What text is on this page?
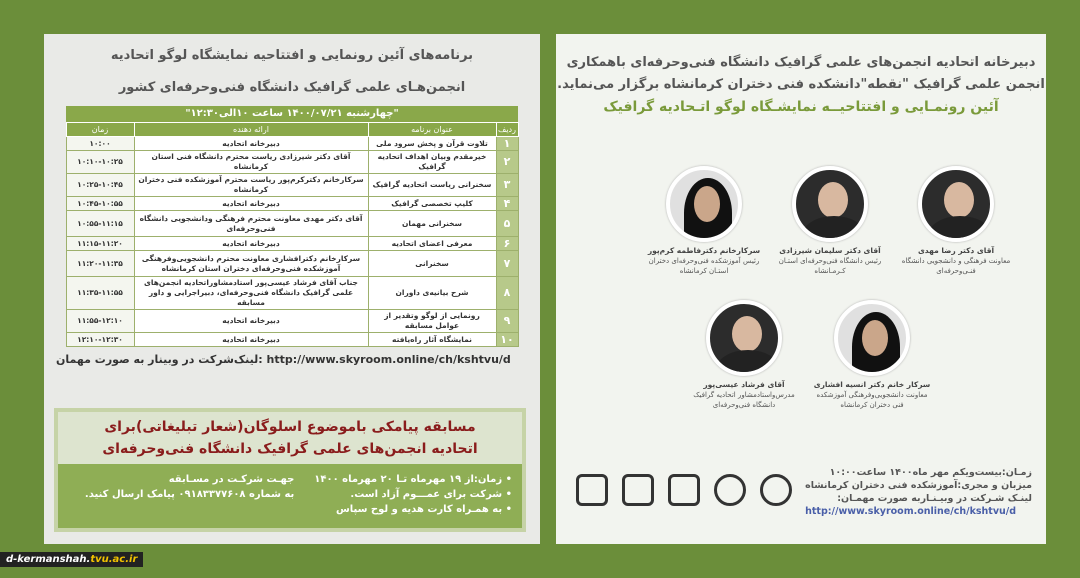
برنامه‌های آئین رونمایی و افتتاحیه نمایشگاه لوگو اتحادیه
انجمن‌هـای علمی گرافیک دانشگاه فنی‌وحرفه‌ای کشور
"چهارشنبه ۱۴۰۰/۰۷/۲۱ ساعت ۱۰الی۱۲:۳۰"
ردیف	عنوان برنامه	ارائه دهنده	زمان
۱	تلاوت قرآن و پخش سرود ملی	دبیرخانه اتحادیه	۱۰:۰۰
۲	خیرمقدم وبیان اهداف اتحادیه گرافیک	آقای دکتر شیرزادی ریاست محترم دانشگاه فنی استان کرمانشاه	۱۰:۱۰-۱۰:۲۵
۳	سخنرانی ریاست اتحادیه گرافیک	سرکارخانم دکترکرم‌پور ریاست محترم آموزشکده فنی دختران کرمانشاه	۱۰:۲۵-۱۰:۴۵
۴	کلیپ تخصصی گرافیک	دبیرخانه اتحادیه	۱۰:۴۵-۱۰:۵۵
۵	سخنرانی مهمان	آقای دکتر مهدی معاونت محترم فرهنگی ودانشجویی دانشگاه فنی‌وحرفه‌ای	۱۰:۵۵-۱۱:۱۵
۶	معرفی اعضای اتحادیه	دبیرخانه اتحادیه	۱۱:۱۵-۱۱:۲۰
۷	سخنرانی	سرکارخانم دکترافشاری معاونت محترم دانشجویی‌وفرهنگی آموزشکده فنی‌وحرفه‌ای دختران استان کرمانشاه	۱۱:۲۰-۱۱:۳۵
۸	شرح بیانیه‌ی داوران	جناب آقای فرشاد عیسی‌پور استادمشاوراتحادیه انجمن‌های علمی گرافیک دانشگاه فنی‌وحرفه‌ای، دبیراجرایی و داور مسابقه	۱۱:۳۵-۱۱:۵۵
۹	رونمایی از لوگو وتقدیر از عوامل مسابقه	دبیرخانه اتحادیه	۱۱:۵۵-۱۲:۱۰
۱۰	نمایشگاه آثار راه‌یافته	دبیرخانه اتحادیه	۱۲:۱۰-۱۲:۳۰
لینک‌شرکت در وبینار به صورت مهمان: http://www.skyroom.online/ch/kshtvu/d
مسابقه پیامکی باموضوع اسلوگان(شعار تبلیغاتی)برای
اتحادیه انجمن‌های علمی گرافیک دانشگاه فنی‌وحرفه‌ای

• زمان:از ۱۹ مهرماه تـا ۲۰ مهرماه ۱۴۰۰

• شرکت برای عمـــوم آزاد است.

• به همـراه کارت هدیه و لوح سپاس

جهـت شرکـت در مسـابقه

به شماره ۰۹۱۸۳۳۷۷۶۰۸ پیامک ارسال کنید.

دبیرخانه اتحادیه انجمن‌های علمی گرافیک دانشگاه فنی‌وحرفه‌ای باهمکاری
انجمن علمی گرافیک "نقطه"دانشکده فنی دختران کرمانشاه برگزار می‌نماید.
آئین رونمـایی و افتتاحیــه نمایشـگاه لوگو اتـحادیه گرافیک
آقای دکتر رضا مهدی
معاونت فرهنگی و دانشجویی دانشگاه فنـی‌وحرفه‌ای
آقای دکتر سلیمان شیرزادی
رئیس دانشگاه فنی‌وحرفه‌ای استـان کـرمـانشاه
سرکارخانم دکترفاطمه کرم‌پور
رئیس آموزشکده فنی‌وحرفه‌ای دختران استـان کرمانشاه
سرکار خانم دکتر انسیه افشاری
معاونت دانشجویی‌وفرهنگی آموزشکده فنی دختران کرمانشاه
آقای فرشاد عیسی‌پور
مدرس‌واستادمشاور اتحادیه گرافیک دانشگاه فنی‌وحرفه‌ای
زمـان:بیست‌ویکم مهر ماه۱۴۰۰ ساعت۱۰:۰۰
میزبان و مجری:آموزشکده فنی دختران کرمانشاه
لینـک شـرکت در وبیـنـاربه صورت مهمـان:
http://www.skyroom.online/ch/kshtvu/d
d-kermanshah.tvu.ac.ir
